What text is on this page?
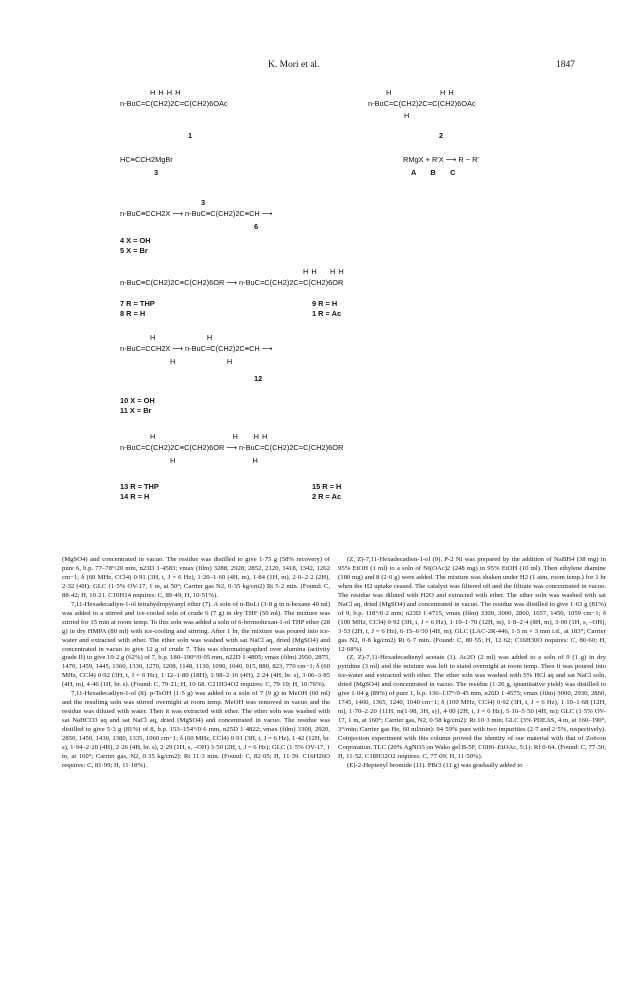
K. Mori et al.	1847
H H H H
n-BuC=C(CH2)2C=C(CH2)6OAc
1
H	H H
n-BuC=C(CH2)2C=C(CH2)6OAc
H
2
HC≡CCH2MgBr
3
RMgX + R'X ⟶ R − R'
A       B       C
3
n-BuC≡CCH2X ⟶ n-BuC≡C(CH2)2C≡CH ⟶
6
4 X = OH
5 X = Br
H H     H H
n-BuC≡C(CH2)2C≡C(CH2)6OR ⟶ n-BuC=C(CH2)2C=C(CH2)6OR
7 R = THP
8 R = H
9 R = H
1 R = Ac
H                    H
n-BuC=CCH2X ⟶ n-BuC=C(CH2)2C≡CH ⟶
H                    H
12
10 X = OH
11 X = Br
H                              H      H H
n-BuC=C(CH2)2C≡C(CH2)6OR ⟶ n-BuC=C(CH2)2C=C(CH2)6OR
H                              H
13 R = THP
14 R = H
15 R = H
2 R = Ac

(MgSO4) and concentrated in vacuo. The residue was distilled to give 1·75 g (58% recovery) of pure 6, b.p. 77–78°/20 mm, n23D 1·4583; νmax (film) 3288, 2928, 2852, 2120, 1418, 1342, 1262 cm−1; δ (60 MHz, CCl4) 0·91 (3H, t, J = 6 Hz), 1·20–1·60 (4H, m), 1·84 (1H, m), 2·0–2·2 (2H), 2·32 (4H); GLC (1·5% OV-17, 1 m, at 50°; Carrier gas N2, 0·35 kg/cm2) Rt 5·2 min. (Found: C, 88·42; H, 10·21. C10H14 requires: C, 89·49; H, 10·51%).

7,11-Hexadecadiyn-1-ol tetrahydropyranyl ether (7). A soln of n-BuLi (3·8 g in n-hexane 40 ml) was added to a stirred and ice-cooled soln of crude 6 (7 g) in dry THF (50 ml). The mixture was stirred for 15 min at room temp. To this soln was added a soln of 6-bromohexan-1-ol THP ether (28 g) in dry HMPA (80 ml) with ice-cooling and stirring. After 1 hr, the mixture was poured into ice-water and extracted with ether. The ether soln was washed with sat NaCl aq, dried (MgSO4) and concentrated in vacuo to give 12 g of crude 7. This was chromatographed over alumina (activity grade II) to give 10·2 g (62%) of 7, b.p. 180–190°/0·05 mm, n22D 1·4805; νmax (film) 2950, 2875, 1470, 1459, 1445, 1360, 1330, 1270, 1208, 1148, 1130, 1090, 1040, 915, 880, 823, 770 cm−1; δ (60 MHz, CCl4) 0·92 (3H, t, J = 6 Hz), 1·12–1·80 (18H), 1·98–2·16 (4H), 2·24 (4H, br. s), 3·06–3·85 (4H, m), 4·46 (1H, br. s). (Found: C, 79·21; H, 10·68. C21H34O2 requires: C, 79·19; H, 10·76%).

7,11-Hexadecadiyn-1-ol (8). p-TsOH (1·5 g) was added to a soln of 7 (9 g) in MeOH (60 ml) and the resulting soln was stirred overnight at room temp. MeOH was removed in vacuo and the residue was diluted with water. Then it was extracted with ether. The ether soln was washed with sat NaHCO3 aq and sat NaCl aq, dried (MgSO4) and concentrated in vacuo. The residue was distilled to give 5·3 g (81%) of 8, b.p. 153–154°/0·6 mm, n25D 1·4822; νmax (film) 3300, 2920, 2850, 1450, 1430, 1380, 1335, 1060 cm−1; δ (60 MHz, CCl4) 0·91 (3H, t, J = 6 Hz), 1·42 (12H, br. s), 1·94–2·20 (4H), 2·26 (4H, br. s), 2·29 (1H, s, –OH) 3·50 (2H, t, J = 6 Hz); GLC (1·5% OV-17, 1 m, at 160°; Carrier gas, N2, 0·35 kg/cm2): Rt 11·3 min. (Found: C, 82·05; H, 11·39. C16H26O requires: C, 81·99; H, 11·18%).

(Z, Z)-7,11-Hexadecadien-1-ol (9). P-2 Ni was prepared by the addition of NaBH4 (38 mg) in 95% EtOH (1 ml) to a soln of Ni(OAc)2 (248 mg) in 95% EtOH (10 ml). Then ethylene diamine (180 mg) and 8 (2·0 g) were added. The mixture was shaken under H2 (1 atm, room temp.) for 1 hr when the H2 uptake ceased. The catalyst was filtered off and the filtrate was concentrated in vacuo. The residue was diluted with H2O and extracted with ether. The ether soln was washed with sat NaCl aq, dried (MgSO4) and concentrated in vacuo. The residue was distilled to give 1·63 g (81%) of 9, b.p. 118°/0·2 mm; n23D 1·4715, νmax (film) 3300, 3000, 2860, 1657, 1450, 1059 cm−1; δ (100 MHz, CCl4) 0·92 (3H, t, J = 6 Hz), 1·10–1·70 (12H, m), 1·8–2·4 (8H, m), 3·00 (1H, s, –OH), 3·53 (2H, t, J = 6 Hz), 6·15–6·50 (4H, m); GLC (LAC-2R-446, 1·5 m × 3 mm i.d., at 183°; Carrier gas N2, 0·8 kg/cm2) Rt 6·7 min. (Found: C, 80·55; H, 12·62; C16H30O requires: C, 80·60; H, 12·68%).

(Z, Z)-7,11-Hexadecadienyl acetate (1). Ac2O (2 ml) was added to a soln of 9 (1 g) in dry pyridine (3 ml) and the mixture was left to stand overnight at room temp. Then it was poured into ice-water and extracted with ether. The ether soln was washed with 5% HCl aq and sat NaCl soln, dried (MgSO4) and concentrated in vacuo. The residue (1·20 g, quantitative yield) was distilled to give 1·04 g (89%) of pure 1, b.p. 136–137°/0·45 mm, n26D 1·4575; νmax (film) 3000, 2930, 2860, 1745, 1460, 1365, 1240, 1040 cm−1; δ (100 MHz, CCl4) 0·92 (3H, t, J = 6 Hz), 1·10–1·68 (12H, m), 1·70–2·20 {11H, m(1·98, 3H, s)}, 4·00 (2H, t, J = 6 Hz), 5·16–5·50 (4H, m); GLC (1·5% OV-17, 1 m, at 160°; Carrier gas, N2, 0·58 kg/cm2): Rt 10·3 min; GLC (3% PDEAS, 4 m, at 160–190°, 3°/min; Carrier gas He, 60 ml/min): 94·59% pure with two impurities (2·7 and 2·5%, respectively). Coinjection experiment with this column proved the identity of our material with that of Zoëcon Corporation. TLC (20% AgNO3 on Wako gel B-5F, C6H6–EtOAc, 5:1): Rf 0·64. (Found: C, 77·30; H, 11·52. C18H32O2 requires: C, 77·09; H, 11·50%).

(E)-2-Heptenyl bromide (11). PBr3 (11 g) was gradually added to
